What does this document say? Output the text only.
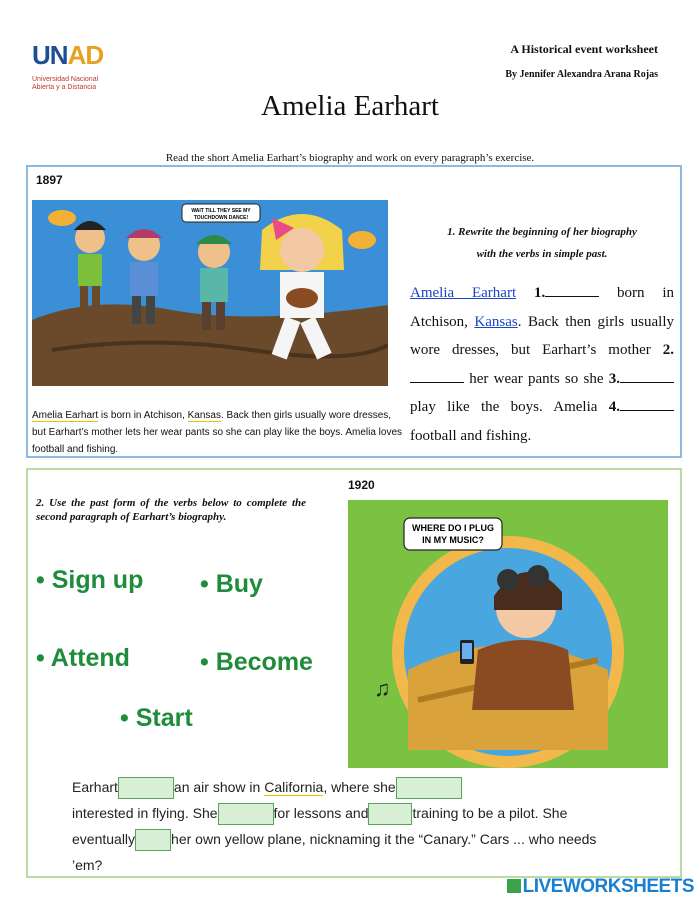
UNAD
Universidad Nacional
Abierta y a Distancia
A Historical event worksheet
By Jennifer Alexandra Arana Rojas
Amelia Earhart
Read the short Amelia Earhart’s biography and work on every paragraph’s exercise.
1897
WAIT TILL THEY SEE MY
TOUCHDOWN DANCE!
Amelia Earhart is born in Atchison, Kansas. Back then girls usually wore dresses, but Earhart’s mother lets her wear pants so she can play like the boys. Amelia loves football and fishing.
1. Rewrite the beginning of her biography
with the verbs in simple past.
Amelia Earhart 1.	born in Atchison, Kansas. Back then girls usually wore dresses, but Earhart’s mother 2. her wear pants so she 3. play like the boys. Amelia 4. football and fishing.
1920
2. Use the past form of the verbs below to complete the second paragraph of Earhart’s biography.
• Sign up • Buy
• Attend	• Become
• Start
♫
WHERE DO I PLUG
IN MY MUSIC?
Earhart	an air show in California, where she
interested in flying. She	for lessons and	training to be a pilot. She eventually	her own yellow plane, nicknaming it the “Canary.” Cars ... who needs ’em?
LIVEWORKSHEETS
